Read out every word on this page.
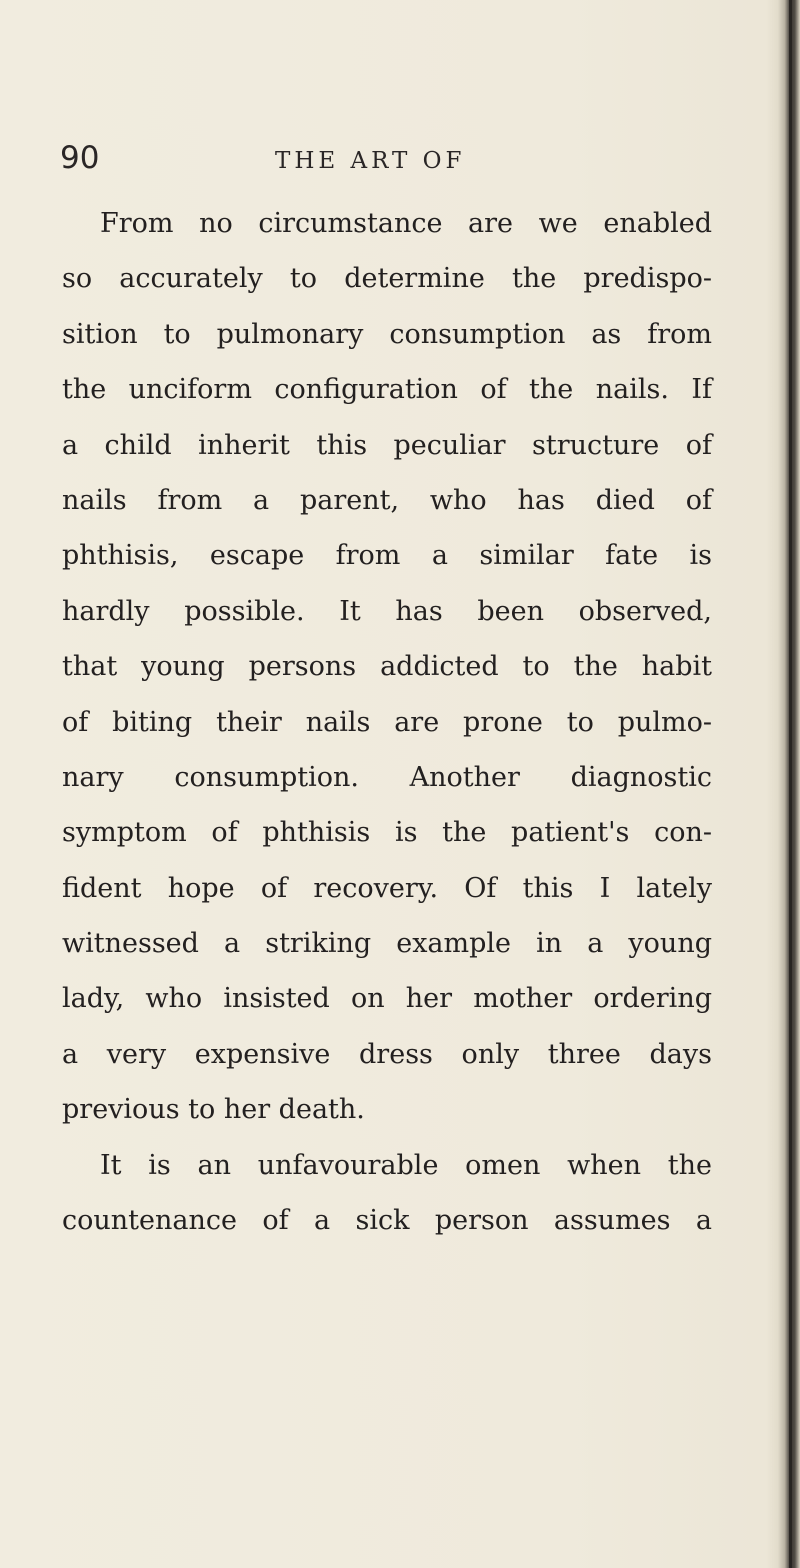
90	THE ART OF
From no circumstance are we enabled
so accurately to determine the predispo-
sition to pulmonary consumption as from
the unciform configuration of the nails. If
a child inherit this peculiar structure of
nails from a parent, who has died of
phthisis, escape from a similar fate is
hardly possible. It has been observed,
that young persons addicted to the habit
of biting their nails are prone to pulmo-
nary consumption. Another diagnostic
symptom of phthisis is the patient's con-
fident hope of recovery. Of this I lately
witnessed a striking example in a young
lady, who insisted on her mother ordering
a very expensive dress only three days
previous to her death.
It is an unfavourable omen when the
countenance of a sick person assumes a
